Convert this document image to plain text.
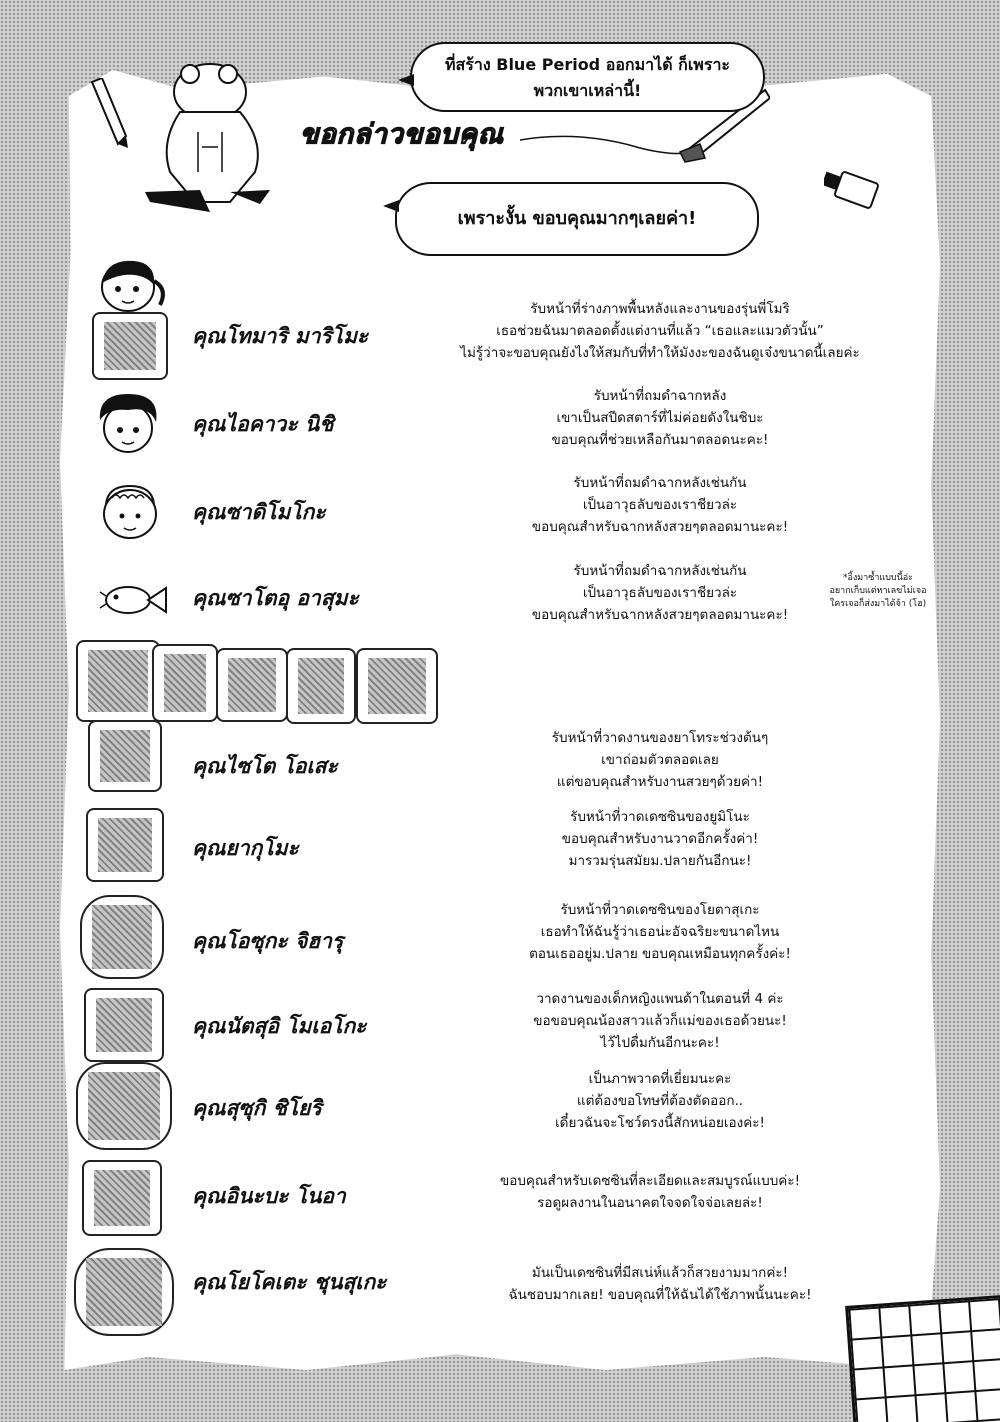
ขอกล่าวขอบคุณ
ที่สร้าง Blue Period ออกมาได้ ก็เพราะ
พวกเขาเหล่านี้!
เพราะงั้น ขอบคุณมากๆเลยค่า!
คุณโทมาริ มาริโมะ
รับหน้าที่ร่างภาพพื้นหลังและงานของรุ่นพี่โมริ
เธอช่วยฉันมาตลอดตั้งแต่งานที่แล้ว “เธอและแมวตัวนั้น”
ไม่รู้ว่าจะขอบคุณยังไงให้สมกับที่ทำให้มังงะของฉันดูเจ๋งขนาดนี้เลยค่ะ
คุณไอคาวะ นิชิ
รับหน้าที่ถมดำฉากหลัง
เขาเป็นสปีดสตาร์ที่ไม่ค่อยดังในชิบะ
ขอบคุณที่ช่วยเหลือกันมาตลอดนะคะ!
คุณซาดิโมโกะ
รับหน้าที่ถมดำฉากหลังเช่นกัน
เป็นอาวุธลับของเราชียวล่ะ
ขอบคุณสำหรับฉากหลังสวยๆตลอดมานะคะ!
คุณซาโตอุ อาสุมะ
รับหน้าที่ถมดำฉากหลังเช่นกัน
เป็นอาวุธลับของเราชียวล่ะ
ขอบคุณสำหรับฉากหลังสวยๆตลอดมานะคะ!
*อิ้งมาซ้ำแบบนี้อ่ะ
อยากเก็บแต่หาเลขไม่เจอ
ใครเจอก็ส่งมาได้จ้า (โฮ)
คุณไซโต โอเสะ
รับหน้าที่วาดงานของยาโทระช่วงต้นๆ
เขาถ่อมตัวตลอดเลย
แต่ขอบคุณสำหรับงานสวยๆด้วยค่า!
คุณยากุโมะ
รับหน้าที่วาดเดซซินของยูมิโนะ
ขอบคุณสำหรับงานวาดอีกครั้งค่า!
มารวมรุ่นสมัยม.ปลายกันอีกนะ!
คุณโอซุกะ จิฮารุ
รับหน้าที่วาดเดซซินของโยตาสุเกะ
เธอทำให้ฉันรู้ว่าเธอน่ะอัจฉริยะขนาดไหน
ตอนเธออยู่ม.ปลาย ขอบคุณเหมือนทุกครั้งค่ะ!
คุณนัตสุอิ โมเอโกะ
วาดงานของเด็กหญิงแพนด้าในตอนที่ 4 ค่ะ
ขอขอบคุณน้องสาวแล้วก็แม่ของเธอด้วยนะ!
ไว้ไปดื่มกันอีกนะคะ!
คุณสุซุกิ ชิโยริ
เป็นภาพวาดที่เยี่ยมนะคะ
แต่ต้องขอโทษที่ต้องตัดออก..
เดี๋ยวฉันจะโชว์ตรงนี้สักหน่อยเองค่ะ!
คุณอินะบะ โนอา
ขอบคุณสำหรับเดซซินที่ละเอียดและสมบูรณ์แบบค่ะ!
รอดูผลงานในอนาคตใจจดใจจ่อเลยล่ะ!
คุณโยโคเตะ ชุนสุเกะ	มันเป็นเดซซินที่มีสเน่ห์แล้วก็สวยงามมากค่ะ!
ฉันชอบมากเลย! ขอบคุณที่ให้ฉันได้ใช้ภาพนั้นนะคะ!
